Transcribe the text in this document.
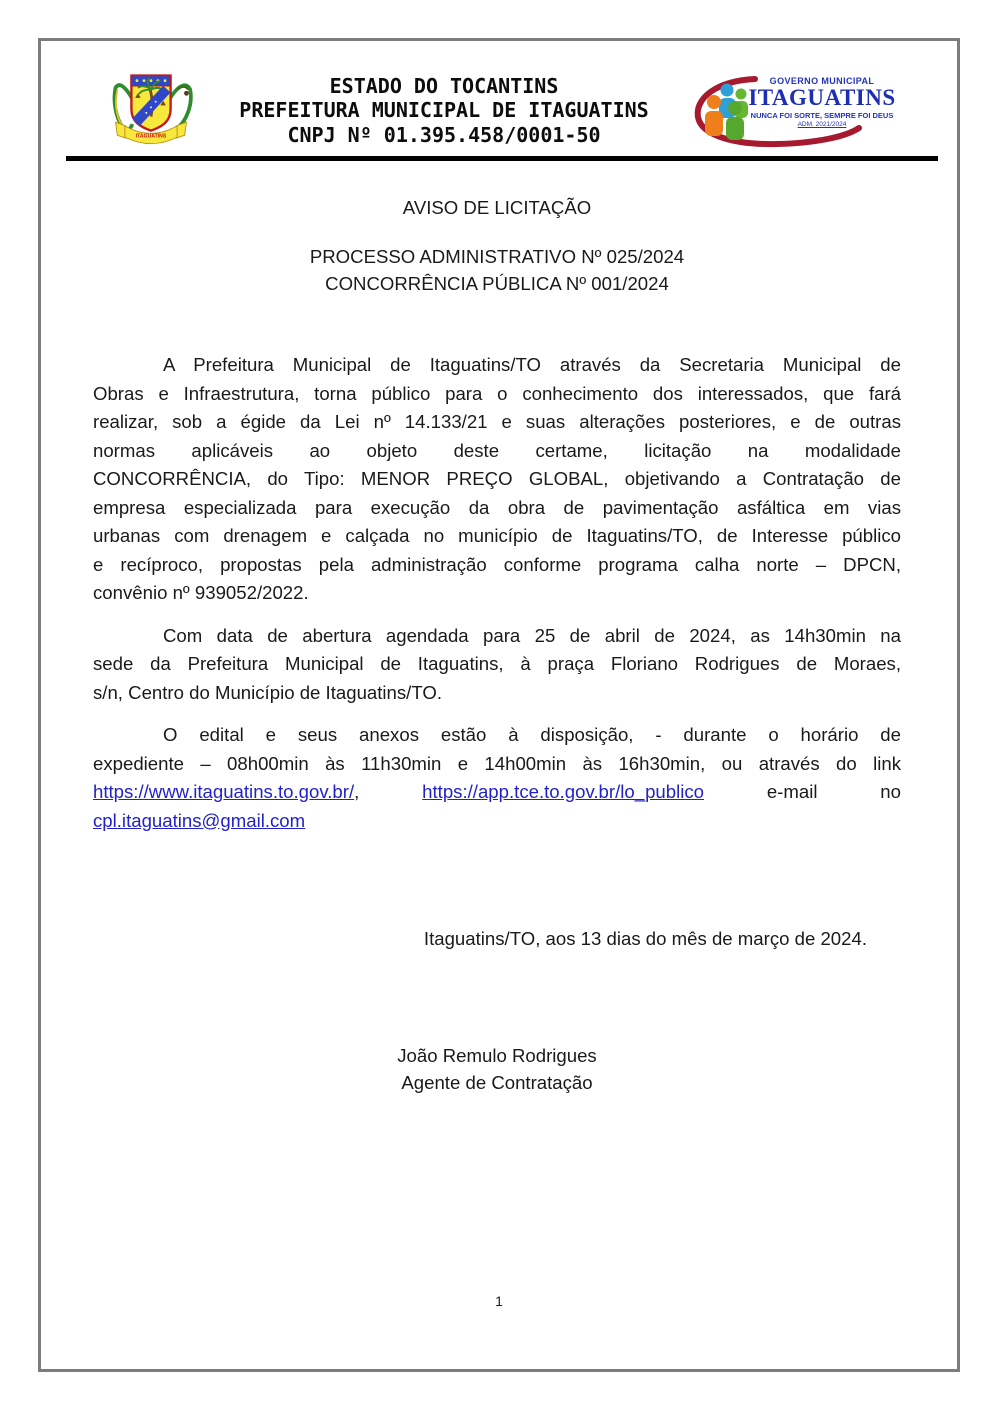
ITAGUATINS
ESTADO DO TOCANTINS
PREFEITURA MUNICIPAL DE ITAGUATINS
CNPJ Nº 01.395.458/0001-50
GOVERNO MUNICIPAL
ITAGUATINS
NUNCA FOI SORTE, SEMPRE FOI DEUS
ADM. 2021/2024
AVISO DE LICITAÇÃO
PROCESSO ADMINISTRATIVO Nº 025/2024
CONCORRÊNCIA PÚBLICA Nº 001/2024
A Prefeitura Municipal de Itaguatins/TO através da Secretaria Municipal de
Obras e Infraestrutura, torna público para o conhecimento dos interessados, que fará
realizar, sob a égide da Lei nº 14.133/21 e suas alterações posteriores, e de outras
normas aplicáveis ao objeto deste certame, licitação na modalidade
CONCORRÊNCIA, do Tipo: MENOR PREÇO GLOBAL, objetivando a Contratação de
empresa especializada para execução da obra de pavimentação asfáltica em vias
urbanas com drenagem e calçada no município de Itaguatins/TO, de Interesse público
e recíproco, propostas pela administração conforme programa calha norte – DPCN,
convênio nº 939052/2022.
Com data de abertura agendada para 25 de abril de 2024, as 14h30min na
sede da Prefeitura Municipal de Itaguatins, à praça Floriano Rodrigues de Moraes,
s/n, Centro do Município de Itaguatins/TO.
O edital e seus anexos estão à disposição, - durante o horário de
expediente – 08h00min às 11h30min e 14h00min às 16h30min, ou através do link
https://www.itaguatins.to.gov.br/, https://app.tce.to.gov.br/lo_publico e-mail no
cpl.itaguatins@gmail.com
Itaguatins/TO, aos 13 dias do mês de março de 2024.
João Remulo Rodrigues
Agente de Contratação
1
